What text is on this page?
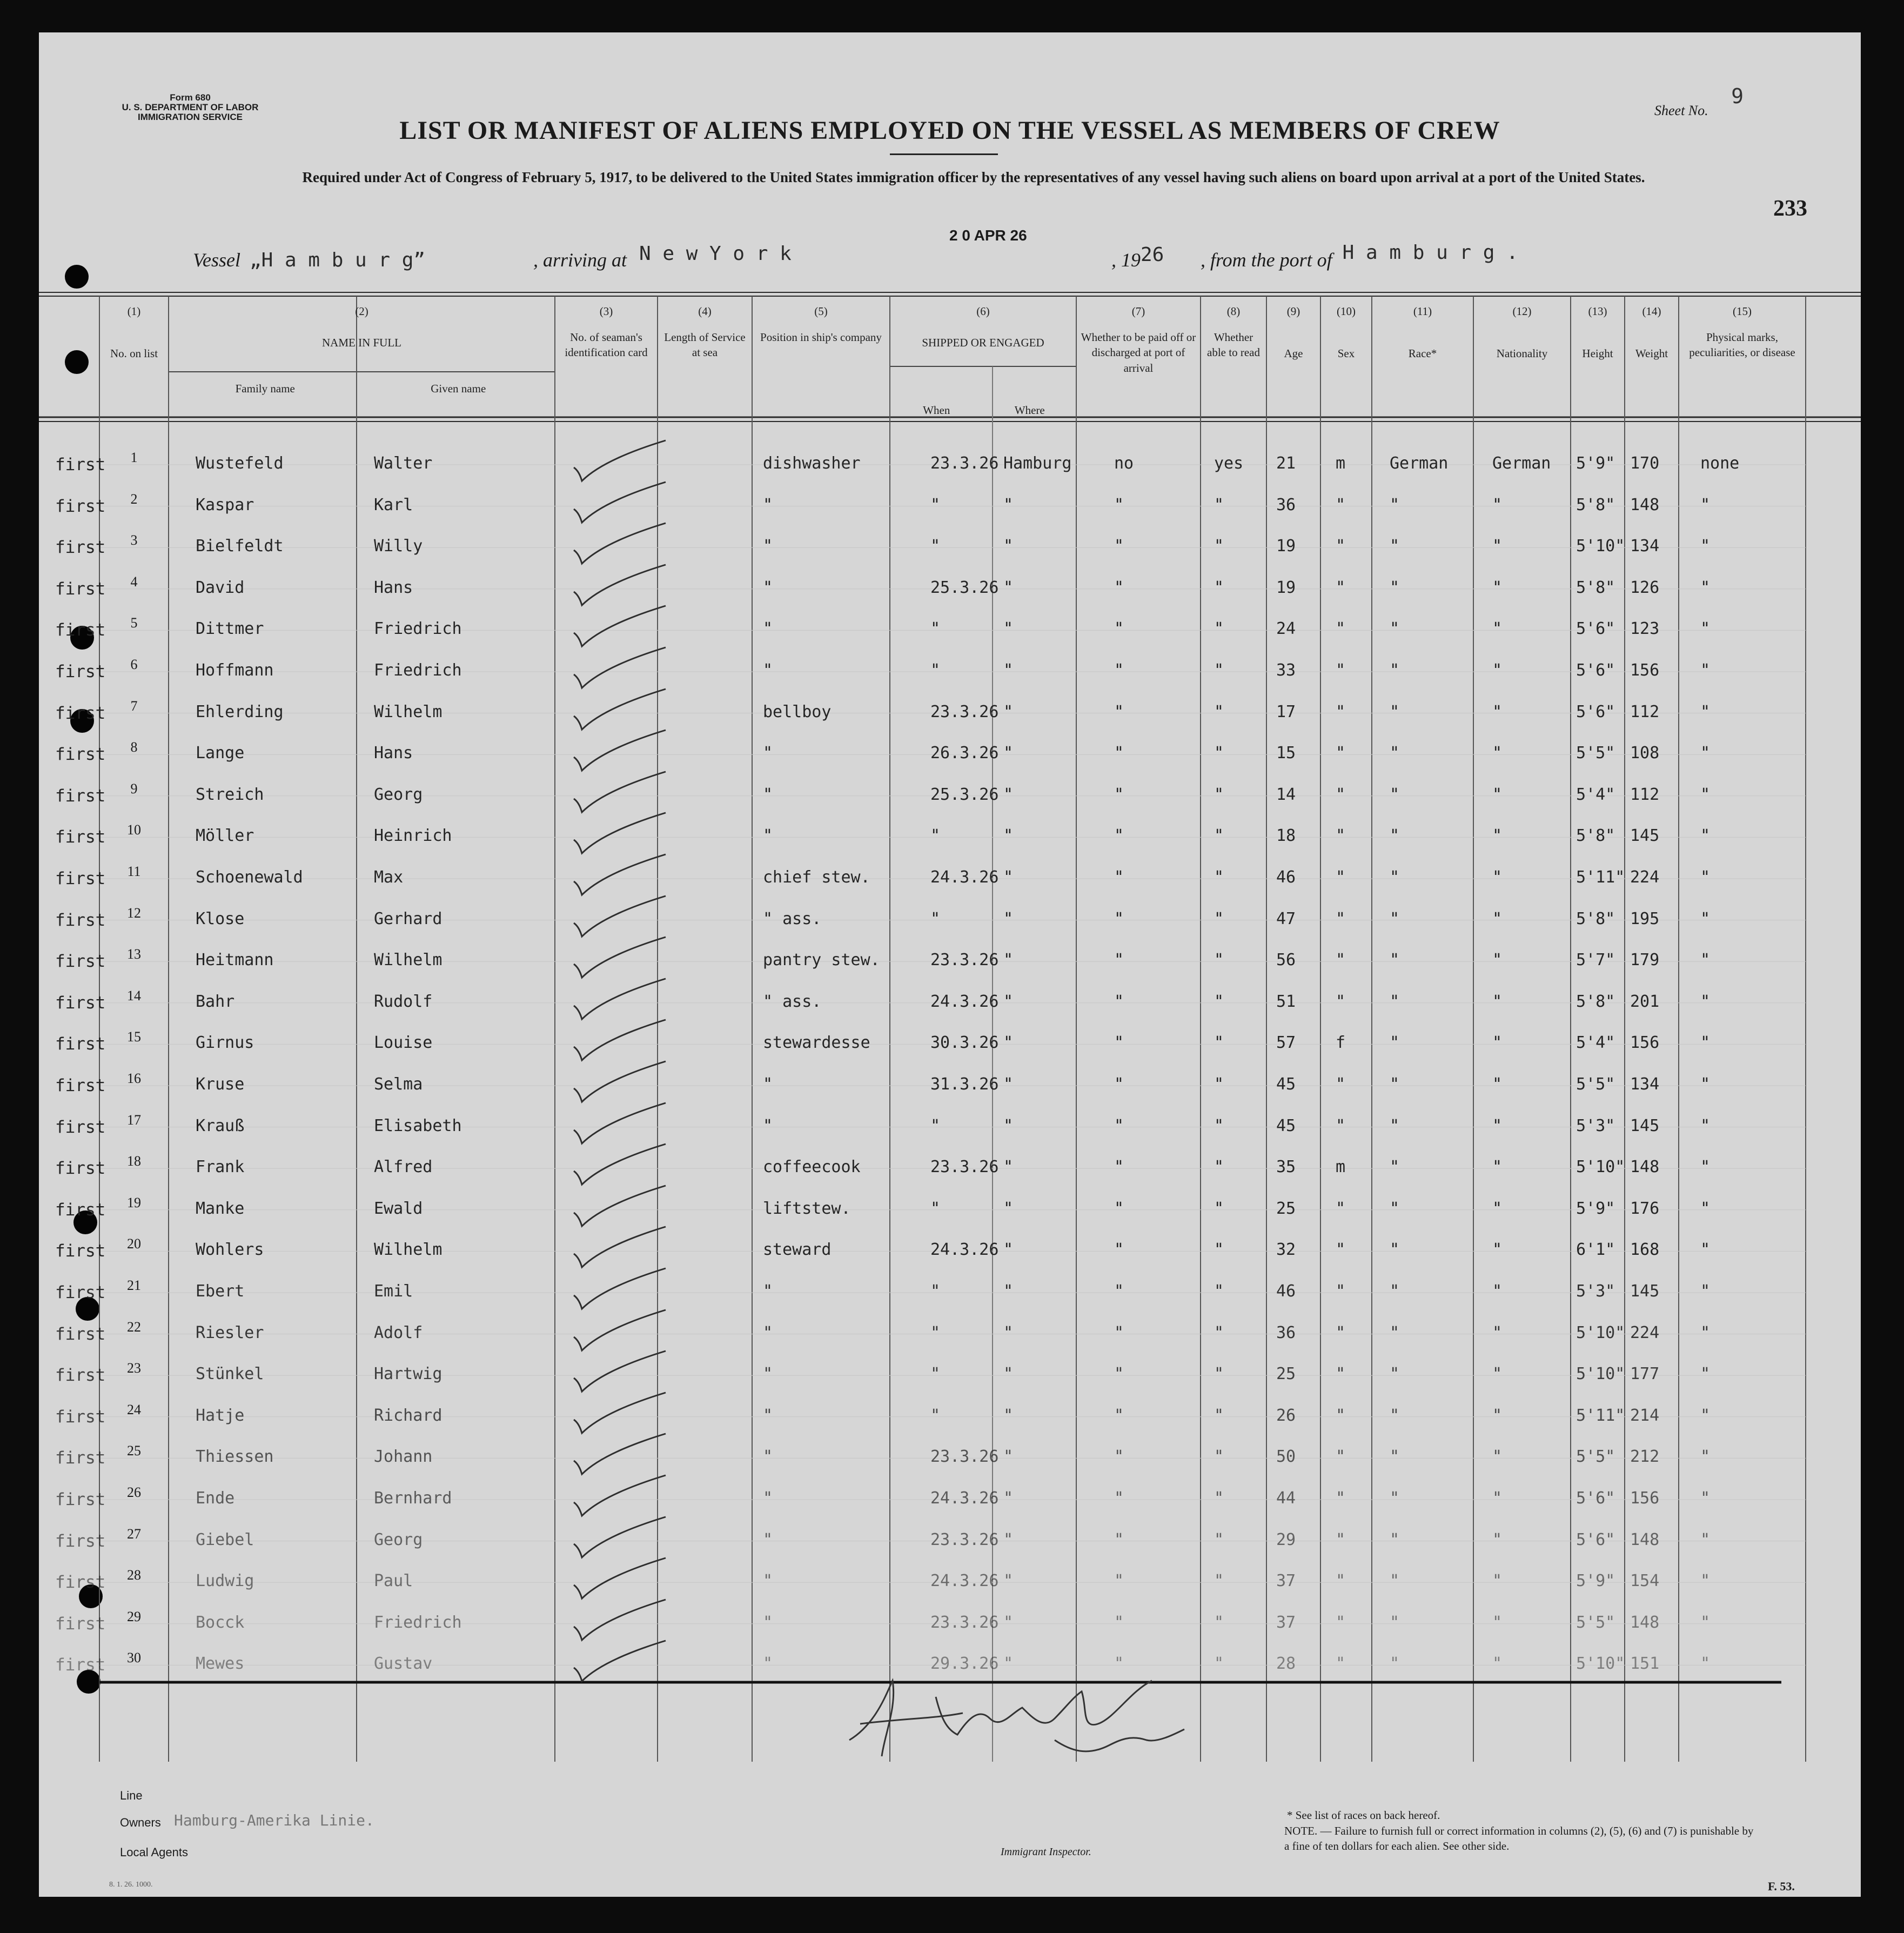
Form 680
U. S. DEPARTMENT OF LABOR
IMMIGRATION SERVICE	Sheet No. 9
233
LIST OR MANIFEST OF ALIENS EMPLOYED ON THE VESSEL AS MEMBERS OF CREW
Required under Act of Congress of February 5, 1917, to be delivered to the United States immigration officer by the representatives of any vessel having such aliens on board upon arrival at a port of the United States.
2 0 APR 26
Vessel „H a m b u r g”	, arriving at N e w Y o r k	, 1926 , from the port of H a m b u r g .
(1)
No. on list
(2)
NAME IN FULL
Family name	Given name
(3)
No. of seaman's identification card
(4)
Length of Service at sea
(5)
Position in ship's company
(6)
SHIPPED OR ENGAGED
When	Where
(7)
Whether to be paid off or discharged at port of arrival
(8)
Whether able to read
(9)
Age
(10)
Sex
(11)
Race*
(12)
Nationality
(13)
Height
(14)
Weight
(15)
Physical marks, peculiarities, or disease
first	1	Wustefeld	Walter	dishwasher	23.3.26 Hamburg	no	yes 21 m	German	German 5'9" 170	none
first	2	Kaspar	Karl	"	"	"	"	"	36 "	"	"	5'8" 148	"
first	3	Bielfeldt	Willy	"	"	"	"	"	19 "	"	"	5'10" 134	"
first	4	David	Hans	"	25.3.26 "	"	"	19 "	"	"	5'8" 126	"
first	5	Dittmer	Friedrich	"	"	"	"	"	24 "	"	"	5'6" 123	"
first	6	Hoffmann	Friedrich	"	"	"	"	"	33 "	"	"	5'6" 156	"
first	7	Ehlerding	Wilhelm	bellboy	23.3.26 "	"	"	17 "	"	"	5'6" 112	"
first	8	Lange	Hans	"	26.3.26 "	"	"	15 "	"	"	5'5" 108	"
first	9	Streich	Georg	"	25.3.26 "	"	"	14 "	"	"	5'4" 112	"
first	10	Möller	Heinrich	"	"	"	"	"	18 "	"	"	5'8" 145	"
first	11	Schoenewald	Max	chief stew.	24.3.26 "	"	"	46 "	"	"	5'11" 224	"
first	12	Klose	Gerhard	" ass.	"	"	"	"	47 "	"	"	5'8" 195	"
first	13	Heitmann	Wilhelm	pantry stew.	23.3.26 "	"	"	56 "	"	"	5'7" 179	"
first	14	Bahr	Rudolf	" ass.	24.3.26 "	"	"	51 "	"	"	5'8" 201	"
first	15	Girnus	Louise	stewardesse	30.3.26 "	"	"	57 f	"	"	5'4" 156	"
first	16	Kruse	Selma	"	31.3.26 "	"	"	45 "	"	"	5'5" 134	"
first	17	Krauß	Elisabeth	"	"	"	"	"	45 "	"	"	5'3" 145	"
first	18	Frank	Alfred	coffeecook	23.3.26 "	"	"	35 m	"	"	5'10" 148	"
first	19	Manke	Ewald	liftstew.	"	"	"	"	25 "	"	"	5'9" 176	"
first	20	Wohlers	Wilhelm	steward	24.3.26 "	"	"	32 "	"	"	6'1" 168	"
first	21	Ebert	Emil	"	"	"	"	"	46 "	"	"	5'3" 145	"
first	22	Riesler	Adolf	"	"	"	"	"	36 "	"	"	5'10" 224	"
first	23	Stünkel	Hartwig	"	"	"	"	"	25 "	"	"	5'10" 177	"
first	24	Hatje	Richard	"	"	"	"	"	26 "	"	"	5'11" 214	"
first	25	Thiessen	Johann	"	23.3.26 "	"	"	50 "	"	"	5'5" 212	"
first	26	Ende	Bernhard	"	24.3.26 "	"	"	44 "	"	"	5'6" 156	"
first	27	Giebel	Georg	"	23.3.26 "	"	"	29 "	"	"	5'6" 148	"
first	28	Ludwig	Paul	"	24.3.26 "	"	"	37 "	"	"	5'9" 154	"
first	29	Bocck	Friedrich	"	23.3.26 "	"	"	37 "	"	"	5'5" 148	"
first	30	Mewes	Gustav	"	29.3.26 "	"	"	28 "	"	"	5'10" 151	"
Line
Owners Hamburg-Amerika Linie.
Local Agents	Immigrant Inspector.
* See list of races on back hereof.
NOTE. — Failure to furnish full or correct information in columns (2), (5), (6) and (7) is punishable by a fine of ten dollars for each alien. See other side.
F. 53.
8. 1. 26. 1000.
